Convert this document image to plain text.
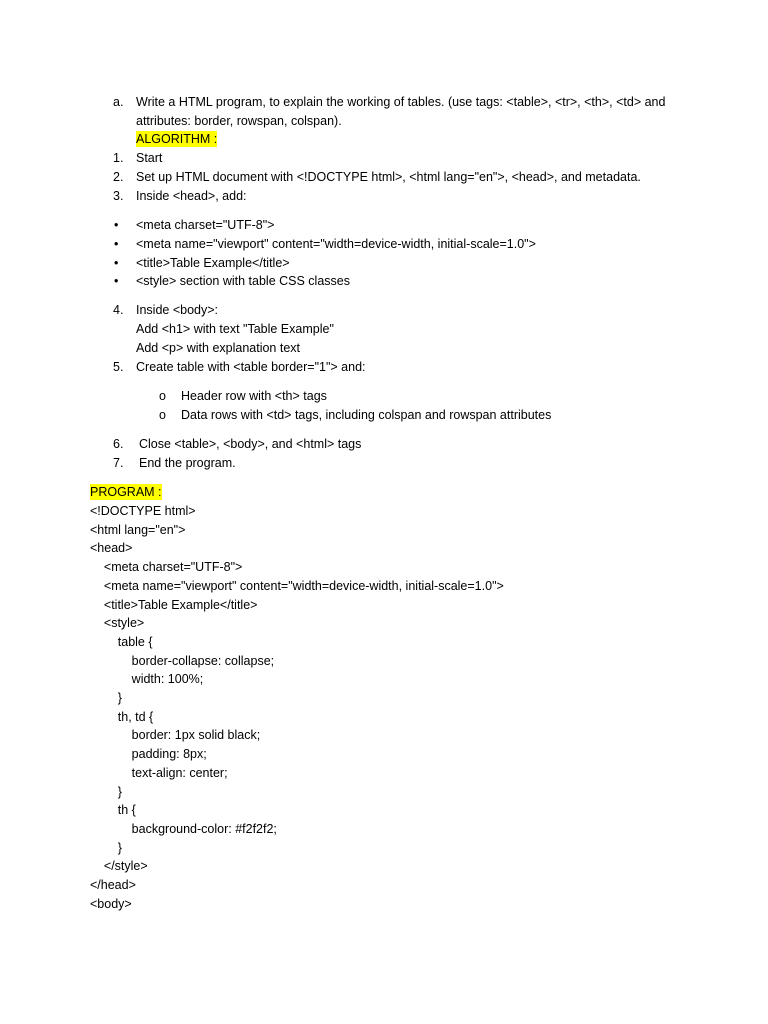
a. Write a HTML program, to explain the working of tables. (use tags: <table>, <tr>, <th>, <td> and
attributes: border, rowspan, colspan).
ALGORITHM :
1. Start
2. Set up HTML document with <!DOCTYPE html>, <html lang="en">, <head>, and metadata.
3. Inside <head>, add:
• <meta charset="UTF-8">
• <meta name="viewport" content="width=device-width, initial-scale=1.0">
• <title>Table Example</title>
• <style> section with table CSS classes
4. Inside <body>:
Add <h1> with text "Table Example"
Add <p> with explanation text
5. Create table with <table border="1"> and:
o Header row with <th> tags
o Data rows with <td> tags, including colspan and rowspan attributes
6. Close <table>, <body>, and <html> tags
7. End the program.
PROGRAM :
<!DOCTYPE html>
<html lang="en">
<head>
<meta charset="UTF-8">
<meta name="viewport" content="width=device-width, initial-scale=1.0">
<title>Table Example</title>
<style>
table {
border-collapse: collapse;
width: 100%;
}
th, td {
border: 1px solid black;
padding: 8px;
text-align: center;
}
th {
background-color: #f2f2f2;
}
</style>
</head>
<body>
